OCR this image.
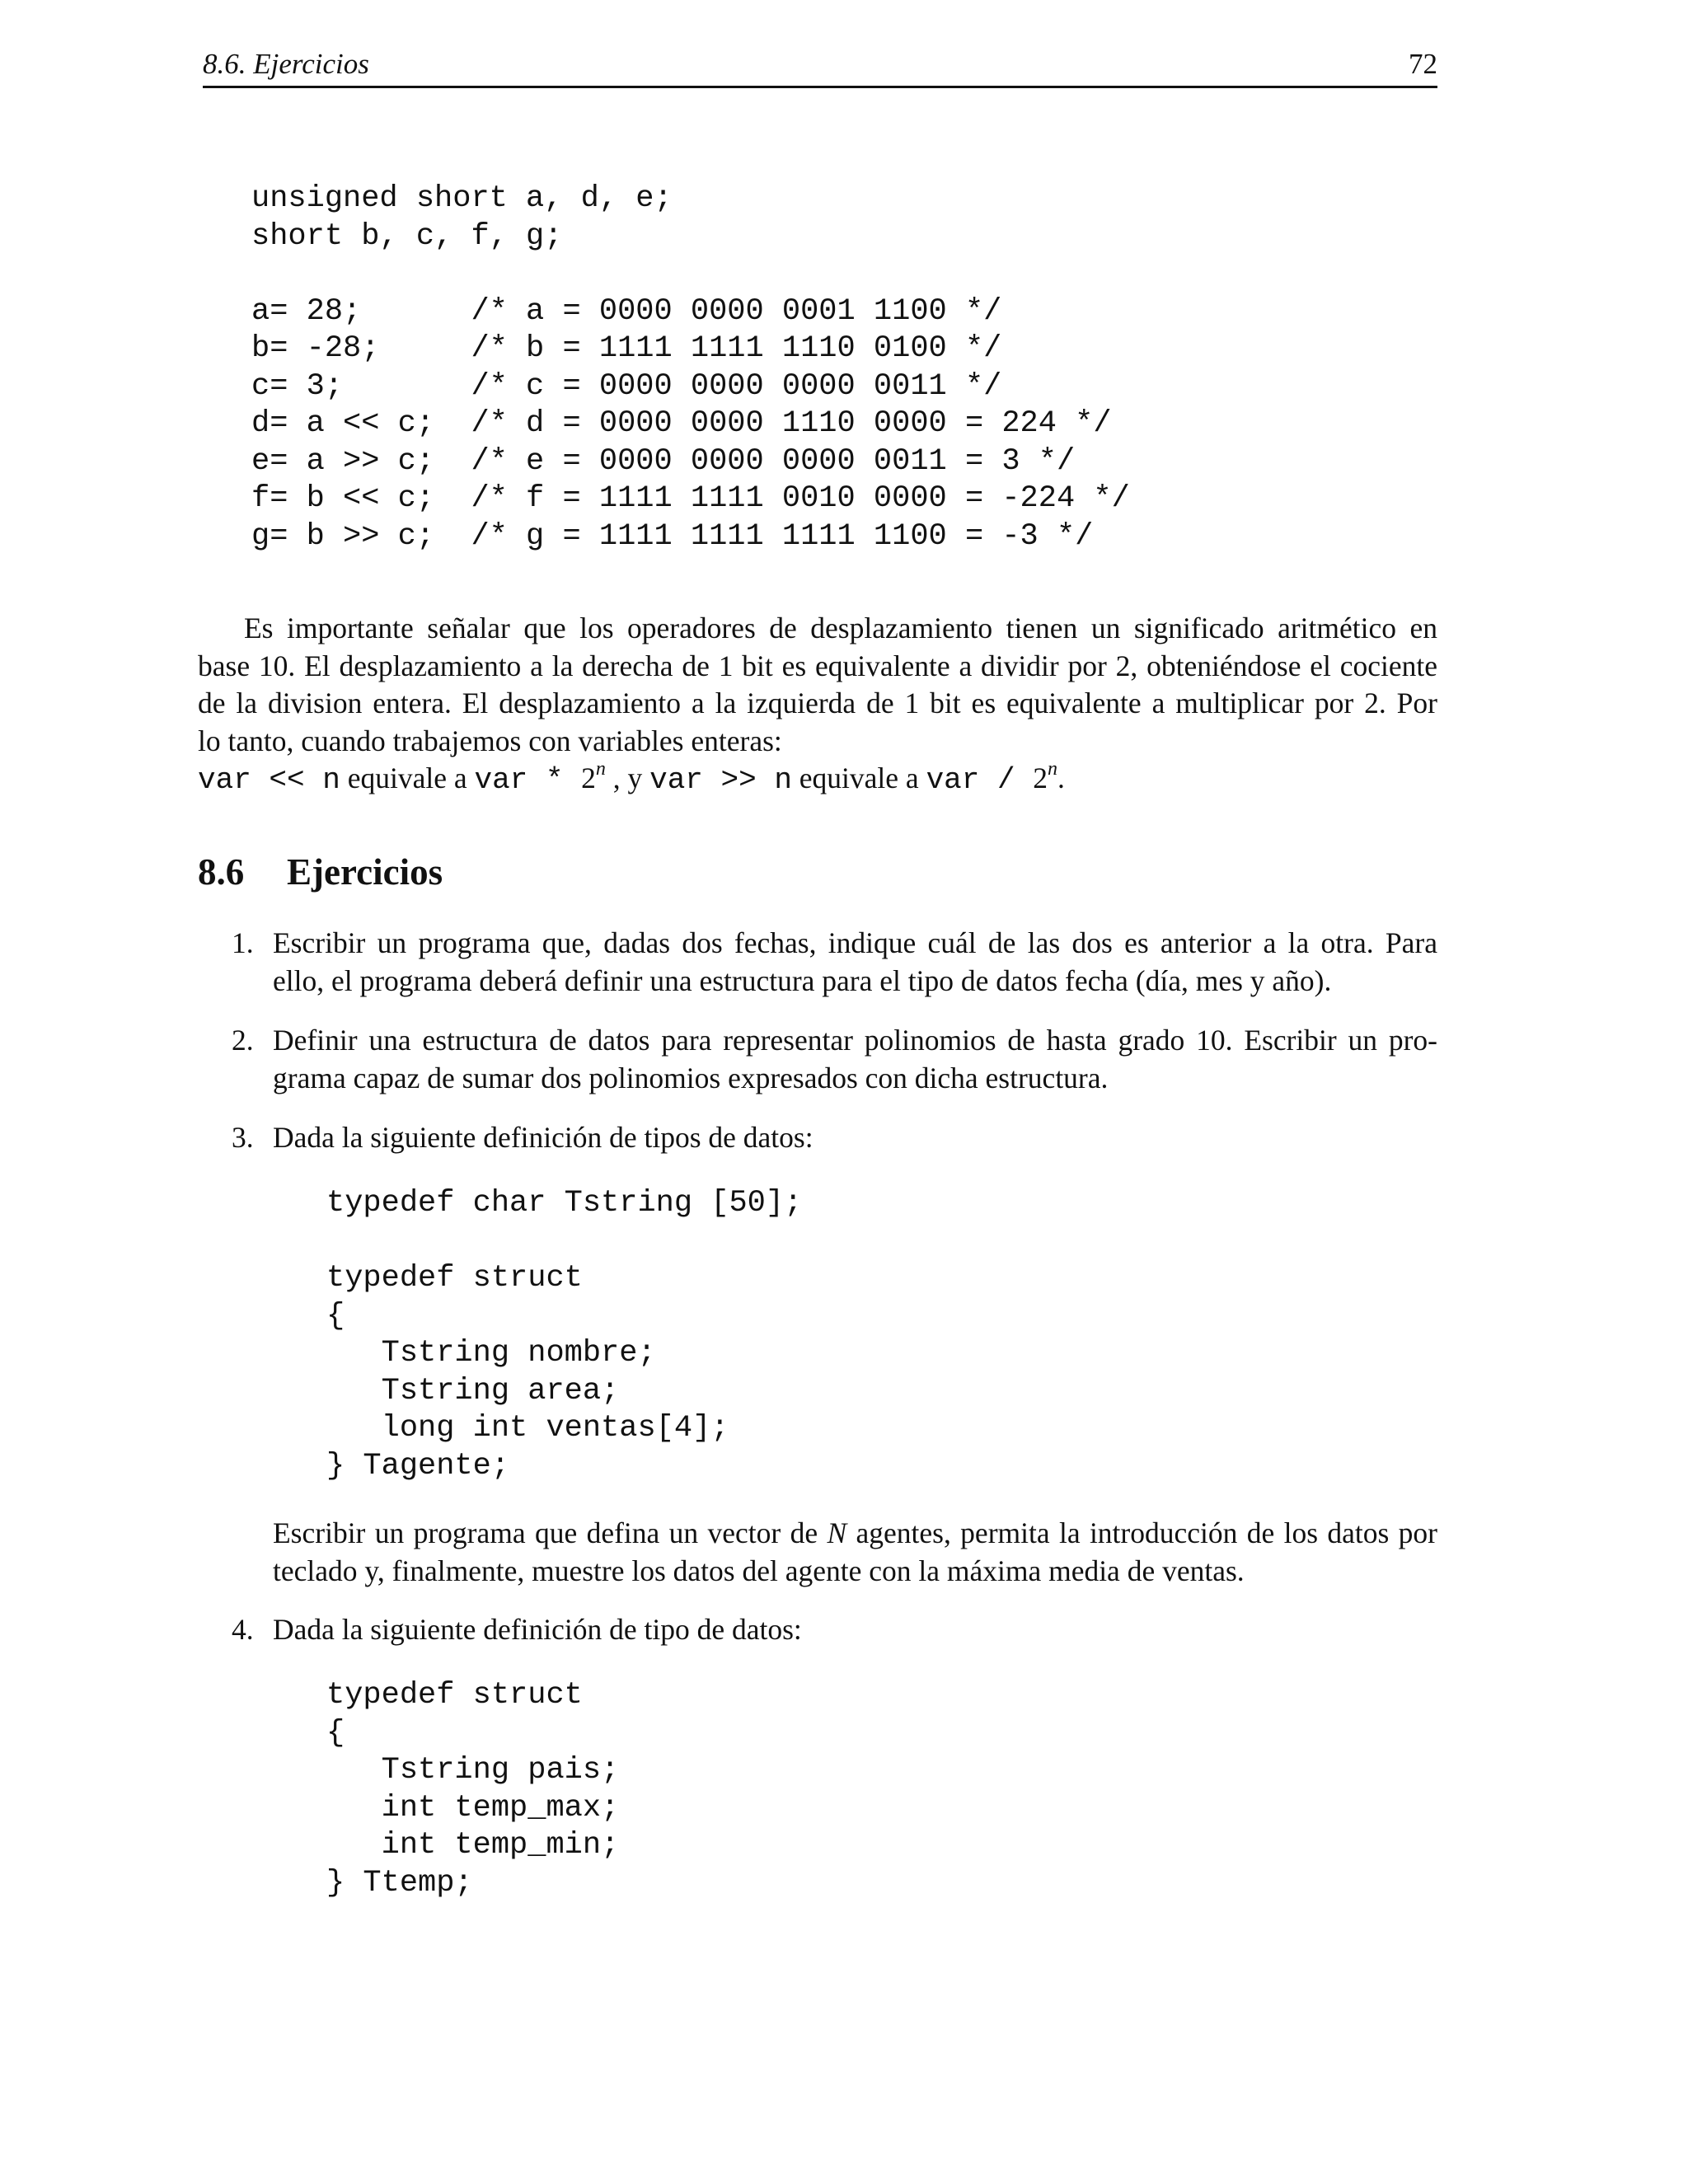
8.6. Ejercicios	72
unsigned short a, d, e;
short b, c, f, g;
a= 28;      /* a = 0000 0000 0001 1100 */
b= -28;     /* b = 1111 1111 1110 0100 */
c= 3;       /* c = 0000 0000 0000 0011 */
d= a << c;  /* d = 0000 0000 1110 0000 = 224 */
e= a >> c;  /* e = 0000 0000 0000 0011 = 3 */
f= b << c;  /* f = 1111 1111 0010 0000 = -224 */
g= b >> c;  /* g = 1111 1111 1111 1100 = -3 */
Es importante señalar que los operadores de desplazamiento tienen un significado aritmético en
base 10. El desplazamiento a la derecha de 1 bit es equivalente a dividir por 2, obteniéndose el cociente
de la division entera. El desplazamiento a la izquierda de 1 bit es equivalente a multiplicar por 2. Por
lo tanto, cuando trabajemos con variables enteras:
var << n equivale a var * 2$^n$ , y var >> n equivale a var / 2$^n$.
8.6 Ejercicios
1. Escribir un programa que, dadas dos fechas, indique cuál de las dos es anterior a la otra. Para
ello, el programa deberá definir una estructura para el tipo de datos fecha (día, mes y año).
2. Definir una estructura de datos para representar polinomios de hasta grado 10. Escribir un pro-
grama capaz de sumar dos polinomios expresados con dicha estructura.
3. Dada la siguiente definición de tipos de datos:
typedef char Tstring [50];
typedef struct
{
Tstring nombre;
Tstring area;
long int ventas[4];
} Tagente;
Escribir un programa que defina un vector de N agentes, permita la introducción de los datos por
teclado y, finalmente, muestre los datos del agente con la máxima media de ventas.
4. Dada la siguiente definición de tipo de datos:
typedef struct
{
Tstring pais;
int temp_max;
int temp_min;
} Ttemp;
